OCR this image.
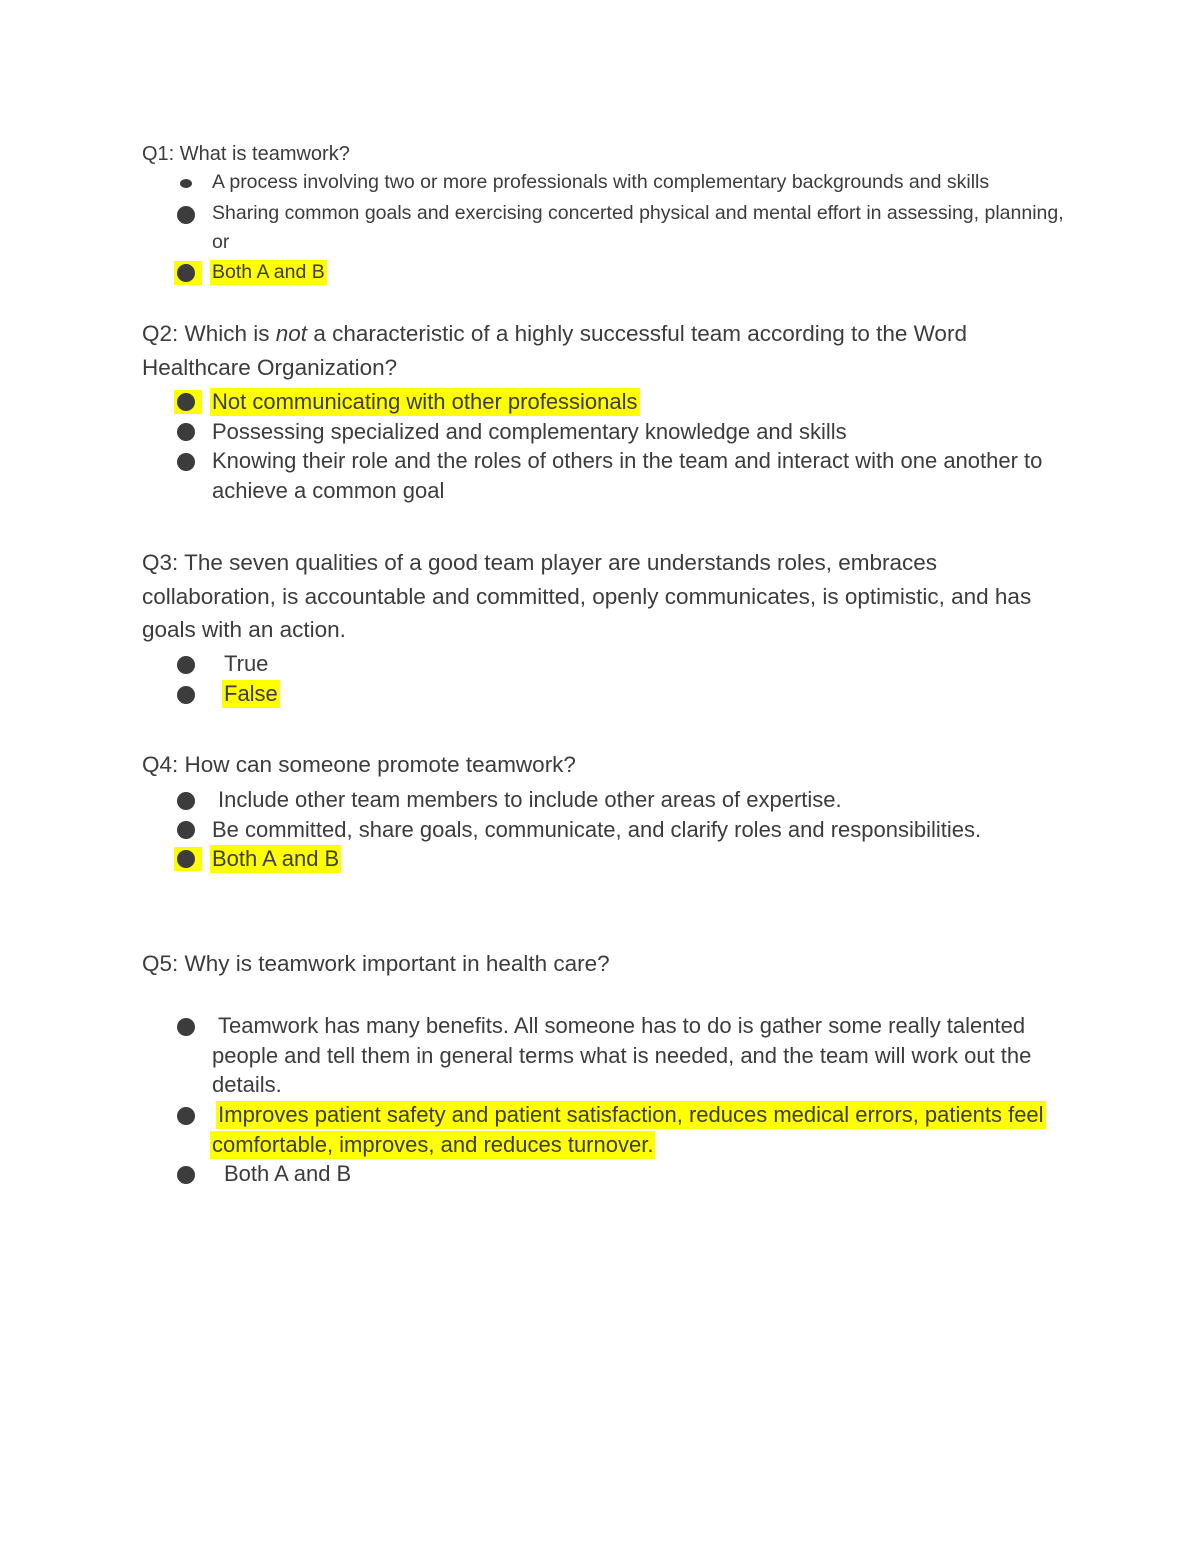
Q1: What is teamwork?

A process involving two or more professionals with complementary backgrounds and skills

Sharing common goals and exercising concerted physical and mental effort in assessing, planning, or

Both A and B

Q2: Which is not a characteristic of a highly successful team according to the Word Healthcare Organization?

Not communicating with other professionals

Possessing specialized and complementary knowledge and skills

Knowing their role and the roles of others in the team and interact with one another to achieve a common goal

Q3: The seven qualities of a good team player are understands roles, embraces collaboration, is accountable and committed, openly communicates, is optimistic, and has goals with an action.

True

False

Q4: How can someone promote teamwork?

Include other team members to include other areas of expertise.

Be committed, share goals, communicate, and clarify roles and responsibilities.

Both A and B

Q5: Why is teamwork important in health care?

Teamwork has many benefits. All someone has to do is gather some really talented people and tell them in general terms what is needed, and the team will work out the details.

Improves patient safety and patient satisfaction, reduces medical errors, patients feel comfortable, improves, and reduces turnover.

Both A and B
